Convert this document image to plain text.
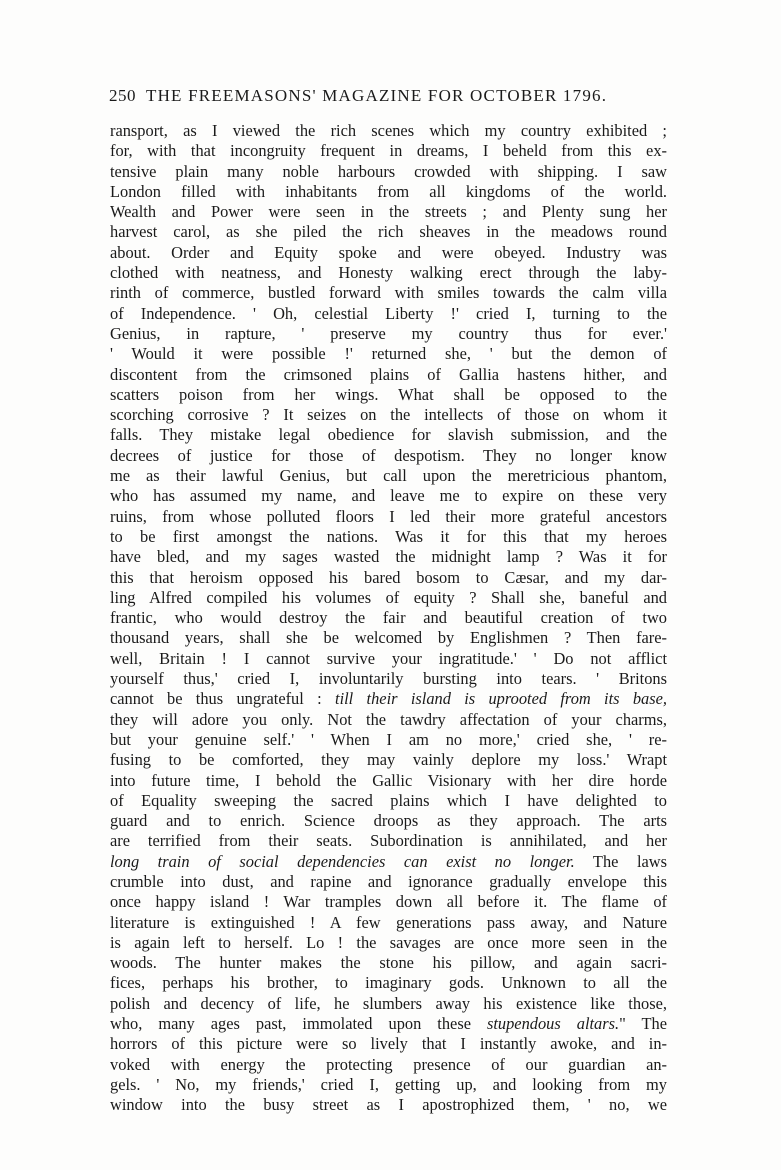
250 THE FREEMASONS' MAGAZINE FOR OCTOBER 1796.
ransport, as I viewed the rich scenes which my country exhibited ;
for, with that incongruity frequent in dreams, I beheld from this ex-
tensive plain many noble harbours crowded with shipping. I saw
London filled with inhabitants from all kingdoms of the world.
Wealth and Power were seen in the streets ; and Plenty sung her
harvest carol, as she piled the rich sheaves in the meadows round
about. Order and Equity spoke and were obeyed. Industry was
clothed with neatness, and Honesty walking erect through the laby-
rinth of commerce, bustled forward with smiles towards the calm villa
of Independence. ' Oh, celestial Liberty !' cried I, turning to the
Genius, in rapture, ' preserve my country thus for ever.'
' Would it were possible !' returned she, ' but the demon of
discontent from the crimsoned plains of Gallia hastens hither, and
scatters poison from her wings. What shall be opposed to the
scorching corrosive ? It seizes on the intellects of those on whom it
falls. They mistake legal obedience for slavish submission, and the
decrees of justice for those of despotism. They no longer know
me as their lawful Genius, but call upon the meretricious phantom,
who has assumed my name, and leave me to expire on these very
ruins, from whose polluted floors I led their more grateful ancestors
to be first amongst the nations. Was it for this that my heroes
have bled, and my sages wasted the midnight lamp ? Was it for
this that heroism opposed his bared bosom to Cæsar, and my dar-
ling Alfred compiled his volumes of equity ? Shall she, baneful and
frantic, who would destroy the fair and beautiful creation of two
thousand years, shall she be welcomed by Englishmen ? Then fare-
well, Britain ! I cannot survive your ingratitude.' ' Do not afflict
yourself thus,' cried I, involuntarily bursting into tears. ' Britons
cannot be thus ungrateful : till their island is uprooted from its base,
they will adore you only. Not the tawdry affectation of your charms,
but your genuine self.' ' When I am no more,' cried she, ' re-
fusing to be comforted, they may vainly deplore my loss.' Wrapt
into future time, I behold the Gallic Visionary with her dire horde
of Equality sweeping the sacred plains which I have delighted to
guard and to enrich. Science droops as they approach. The arts
are terrified from their seats. Subordination is annihilated, and her
long train of social dependencies can exist no longer. The laws
crumble into dust, and rapine and ignorance gradually envelope this
once happy island ! War tramples down all before it. The flame of
literature is extinguished ! A few generations pass away, and Nature
is again left to herself. Lo ! the savages are once more seen in the
woods. The hunter makes the stone his pillow, and again sacri-
fices, perhaps his brother, to imaginary gods. Unknown to all the
polish and decency of life, he slumbers away his existence like those,
who, many ages past, immolated upon these stupendous altars." The
horrors of this picture were so lively that I instantly awoke, and in-
voked with energy the protecting presence of our guardian an-
gels. ' No, my friends,' cried I, getting up, and looking from my
window into the busy street as I apostrophized them, ' no, we
